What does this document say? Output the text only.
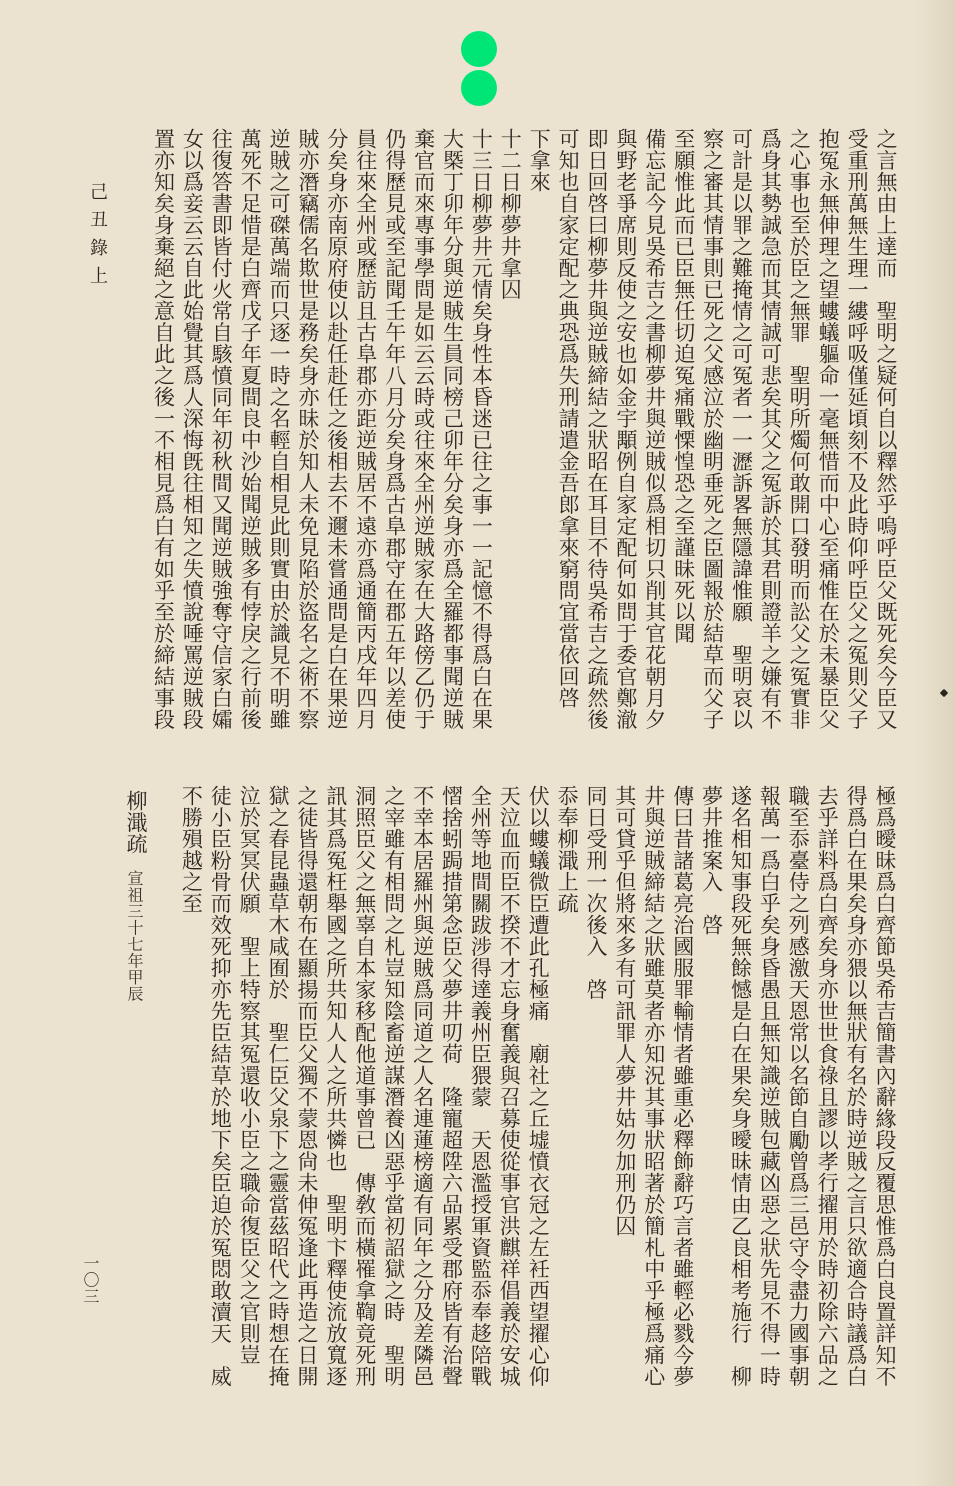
之言無由上達而　聖明之疑何自以釋然乎嗚呼臣父既死矣今臣又
受重刑萬無生理一縷呼吸僅延頃刻不及此時仰呼臣父之冤則父子
抱冤永無伸理之望螻蟻軀命一毫無惜而中心至痛惟在於未暴臣父
之心事也至於臣之無罪　聖明所燭何敢開口發明而訟父之冤實非
爲身其勢誠急而其情誠可悲矣其父之冤訴於其君則證羊之嫌有不
可計是以罪之難掩情之可冤者一一瀝訴畧無隱諱惟願　聖明哀以
察之審其情事則已死之父感泣於幽明垂死之臣圖報於結草而父子
至願惟此而已臣無任切迫冤痛戰慄惶恐之至謹昧死以聞
備忘記今見吳希吉之書柳夢井與逆賊似爲相切只削其官花朝月夕
與野老爭席則反使之安也如金宇顒例自家定配何如問于委官鄭澈
即日回啓曰柳夢井與逆賊締結之狀昭在耳目不待吳希吉之疏然後
可知也自家定配之典恐爲失刑請遣金吾郎拿來窮問宜當依回啓
下拿來
十二日柳夢井拿囚
十三日柳夢井元情矣身性本昏迷已往之事一一記憶不得爲白在果
大槩丁卯年分與逆賊生員同榜己卯年分矣身亦爲全羅都事聞逆賊
棄官而來專事學問是如云云時或往來全州逆賊家在大路傍乙仍于
仍得歷見或至記聞壬午年八月分矣身爲古阜郡守在郡五年以差使
員往來全州或歷訪且古阜郡亦距逆賊居不遠亦爲通簡丙戌年四月
分矣身亦南原府使以赴任赴任之後相去不邇未嘗通問是白在果逆
賊亦潛竊儒名欺世是務矣身亦昧於知人未免見陷於盜名之術不察
逆賊之可磔萬端而只逐一時之名輕自相見此則實由於識見不明雖
萬死不足惜是白齊戊子年夏間良中沙始聞逆賊多有悖戾之行前後
往復答書即皆付火常自駭憤同年初秋間又聞逆賊強奪守信家白孀
女以爲妾云云自此始覺其爲人深悔旣往相知之失憤說唾罵逆賊段
置亦知矣身棄絕之意自此之後一不相見爲白有如乎至於締結事段
極爲曖昧爲白齊節吳希吉簡書內辭緣段反覆思惟爲白良置詳知不
得爲白在果矣身亦猥以無狀有名於時逆賊之言只欲適合時議爲白
去乎詳料爲白齊矣身亦世世食祿且謬以孝行擢用於時初除六品之
職至忝臺侍之列感激天恩常以名節自勵曾爲三邑守令盡力國事朝
報萬一爲白乎矣身昏愚且無知識逆賊包藏凶惡之狀先見不得一時
遂名相知事段死無餘憾是白在果矣身曖昧情由乙良相考施行　柳
夢井推案入　啓
傳曰昔諸葛亮治國服罪輸情者雖重必釋飾辭巧言者雖輕必戮今夢
井與逆賊締結之狀雖莫者亦知況其事狀昭著於簡札中乎極爲痛心
其可貸乎但將來多有可訊罪人夢井姑勿加刑仍囚
同日受刑一次後入　啓
忝奉柳濈上疏
伏以螻蟻微臣遭此孔極痛　廟社之丘墟憤衣冠之左衽西望擢心仰
天泣血而臣不揆不才忘身奮義與召募使從事官洪麒祥倡義於安城
全州等地間關跋涉得達義州臣猥蒙　天恩濫授軍資監忝奉趍陪戰
慴捨蚓跼措第念臣父夢井叨荷　隆寵超陞六品累受郡府皆有治聲
不幸本居羅州與逆賊爲同道之人名連蓮榜適有同年之分及差隣邑
之宰雖有相問之札豈知陰畜逆謀潛養凶惡乎當初詔獄之時　聖明
洞照臣父之無辜自本家移配他道事曾已　傳敎而橫罹拿鞫竟死刑
訊其爲冤枉舉國之所共知人人之所共憐也　聖明卞釋使流放寬逐
之徒皆得還朝布在顯揚而臣父獨不蒙恩尙未伸冤逢此再造之日開
獄之春昆蟲草木咸囿於　聖仁臣父泉下之靈當茲昭代之時想在掩
泣於冥冥伏願　聖上特察其冤還收小臣之職命復臣父之官則豈
徒小臣粉骨而效死抑亦先臣結草於地下矣臣迫於冤悶敢瀆天　威
不勝殞越之至
己丑錄上
柳濈疏
宣祖三十七年甲辰
一〇三
